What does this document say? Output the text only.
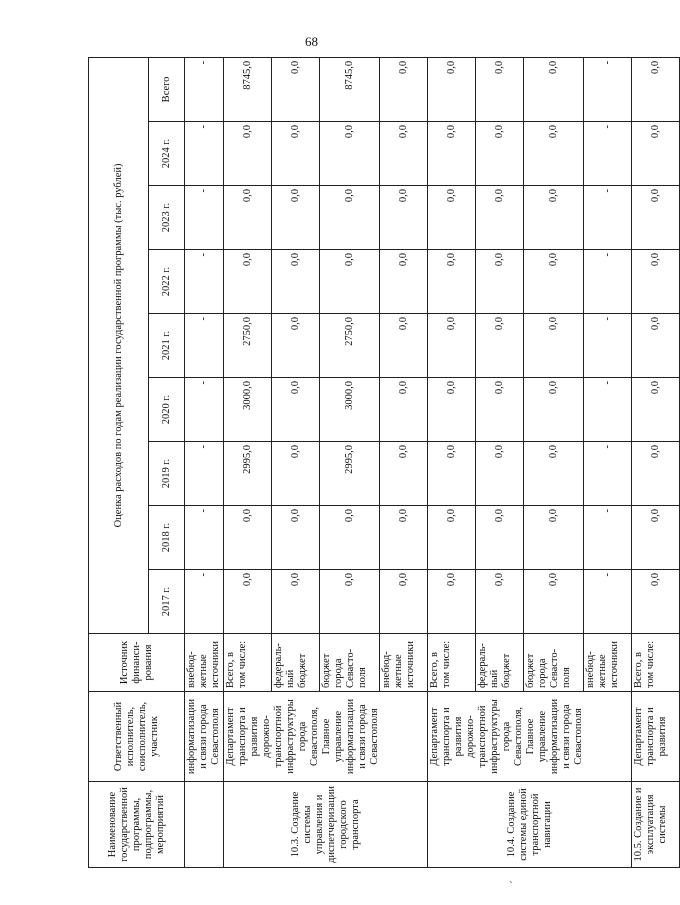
68
Наименование государственной программы, подпрограммы, мероприятий	Ответственный исполнитель, соисполнитель, участник	Источник финанси-рования	Оценка расходов по годам реализации государственной программы (тыс. рублей)								
			2017 г.	2018 г.	2019 г.	2020 г.	2021 г.	2022 г.	2023 г.	2024 г.	Всего
	информатизации и связи города Севастополя	внебюд-жетные источники	-	-	-	-	-	-	-	-	-
10.3. Создание системы управления и диспетчеризации городского транспорта	Департамент транспорта и развития дорожно-транспортной инфраструктуры города Севастополя, Главное управление информатизации и связи города Севастополя	Всего, в том числе:	0,0	0,0	2995,0	3000,0	2750,0	0,0	0,0	0,0	8745,0
		федераль-ный бюджет	0,0	0,0	0,0	0,0	0,0	0,0	0,0	0,0	0,0
		бюджет города Севасто-поля	0,0	0,0	2995,0	3000,0	2750,0	0,0	0,0	0,0	8745,0
		внебюд-жетные источники	0,0	0,0	0,0	0,0	0,0	0,0	0,0	0,0	0,0
10.4. Создание системы единой транспортной навигации	Департамент транспорта и развития дорожно-транспортной инфраструктуры города Севастополя, Главное управление информатизации и связи города Севастополя	Всего, в том числе:	0,0	0,0	0,0	0,0	0,0	0,0	0,0	0,0	0,0
		федераль-ный бюджет	0,0	0,0	0,0	0,0	0,0	0,0	0,0	0,0	0,0
		бюджет города Севасто-поля	0,0	0,0	0,0	0,0	0,0	0,0	0,0	0,0	0,0
		внебюд-жетные источники	-	-	-	-	-	-	-	-	-
10.5. Создание и эксплуатация системы	Департамент транспорта и развития	Всего, в том числе:	0,0	0,0	0,0	0,0	0,0	0,0	0,0	0,0	0,0
`
